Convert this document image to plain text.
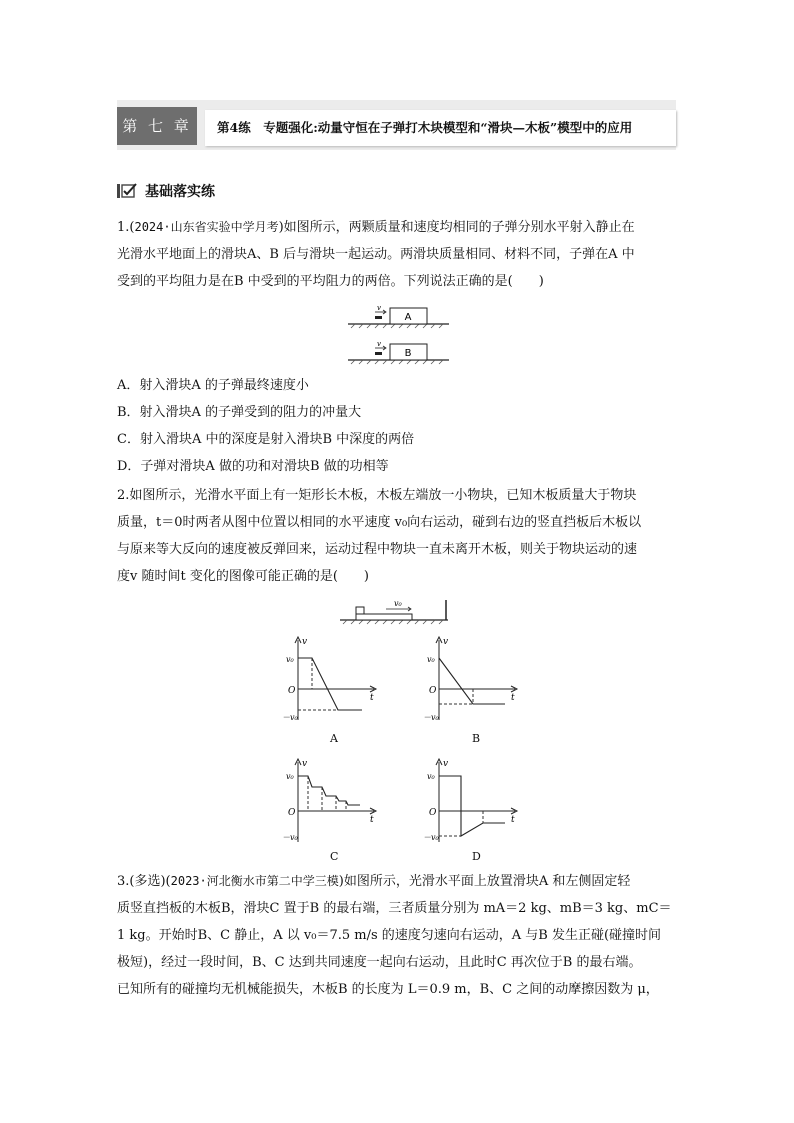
第 七 章	第4练　专题强化:动量守恒在子弹打木块模型和“滑块—木板”模型中的应用
基础落实练
1.(2024·山东省实验中学月考)如图所示，两颗质量和速度均相同的子弹分别水平射入静止在
光滑水平地面上的滑块A、B 后与滑块一起运动。两滑块质量相同、材料不同，子弹在A 中
受到的平均阻力是在B 中受到的平均阻力的两倍。下列说法正确的是(　　)
A
v
B
v
A．射入滑块A 的子弹最终速度小
B．射入滑块A 的子弹受到的阻力的冲量大
C．射入滑块A 中的深度是射入滑块B 中深度的两倍
D．子弹对滑块A 做的功和对滑块B 做的功相等
2.如图所示，光滑水平面上有一矩形长木板，木板左端放一小物块，已知木板质量大于物块
质量，t＝0时两者从图中位置以相同的水平速度 v₀向右运动，碰到右边的竖直挡板后木板以
与原来等大反向的速度被反弹回来，运动过程中物块一直未离开木板，则关于物块运动的速
度v 随时间t 变化的图像可能正确的是(　　)
v₀
v
v₀
O
t
－v₀
A
v
v₀
O
t
－v₀
B
v
v₀
O
t
－v₀
C
v
v₀
O
t
－v₀
D
3.(多选)(2023·河北衡水市第二中学三模)如图所示，光滑水平面上放置滑块A 和左侧固定轻
质竖直挡板的木板B，滑块C 置于B 的最右端，三者质量分别为 mA＝2 kg、mB＝3 kg、mC＝
1 kg。开始时B、C 静止，A 以 v₀＝7.5 m/s 的速度匀速向右运动，A 与B 发生正碰(碰撞时间
极短)，经过一段时间，B、C 达到共同速度一起向右运动，且此时C 再次位于B 的最右端。
已知所有的碰撞均无机械能损失，木板B 的长度为 L＝0.9 m，B、C 之间的动摩擦因数为 μ，
